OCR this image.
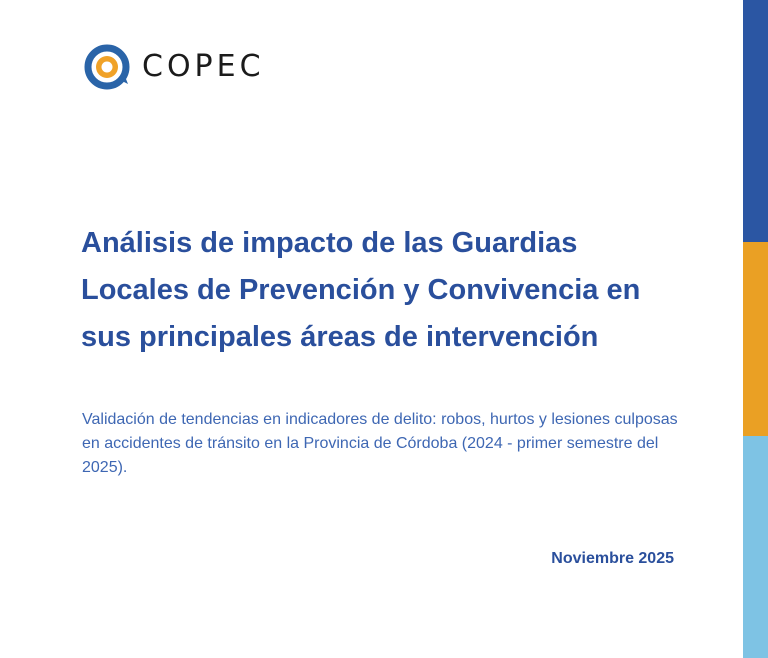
COPEC
Análisis de impacto de las Guardias Locales de Prevención y Convivencia en sus principales áreas de intervención

Validación de tendencias en indicadores de delito: robos, hurtos y lesiones culposas en accidentes de tránsito en la Provincia de Córdoba (2024 - primer semestre del 2025).

Noviembre 2025
